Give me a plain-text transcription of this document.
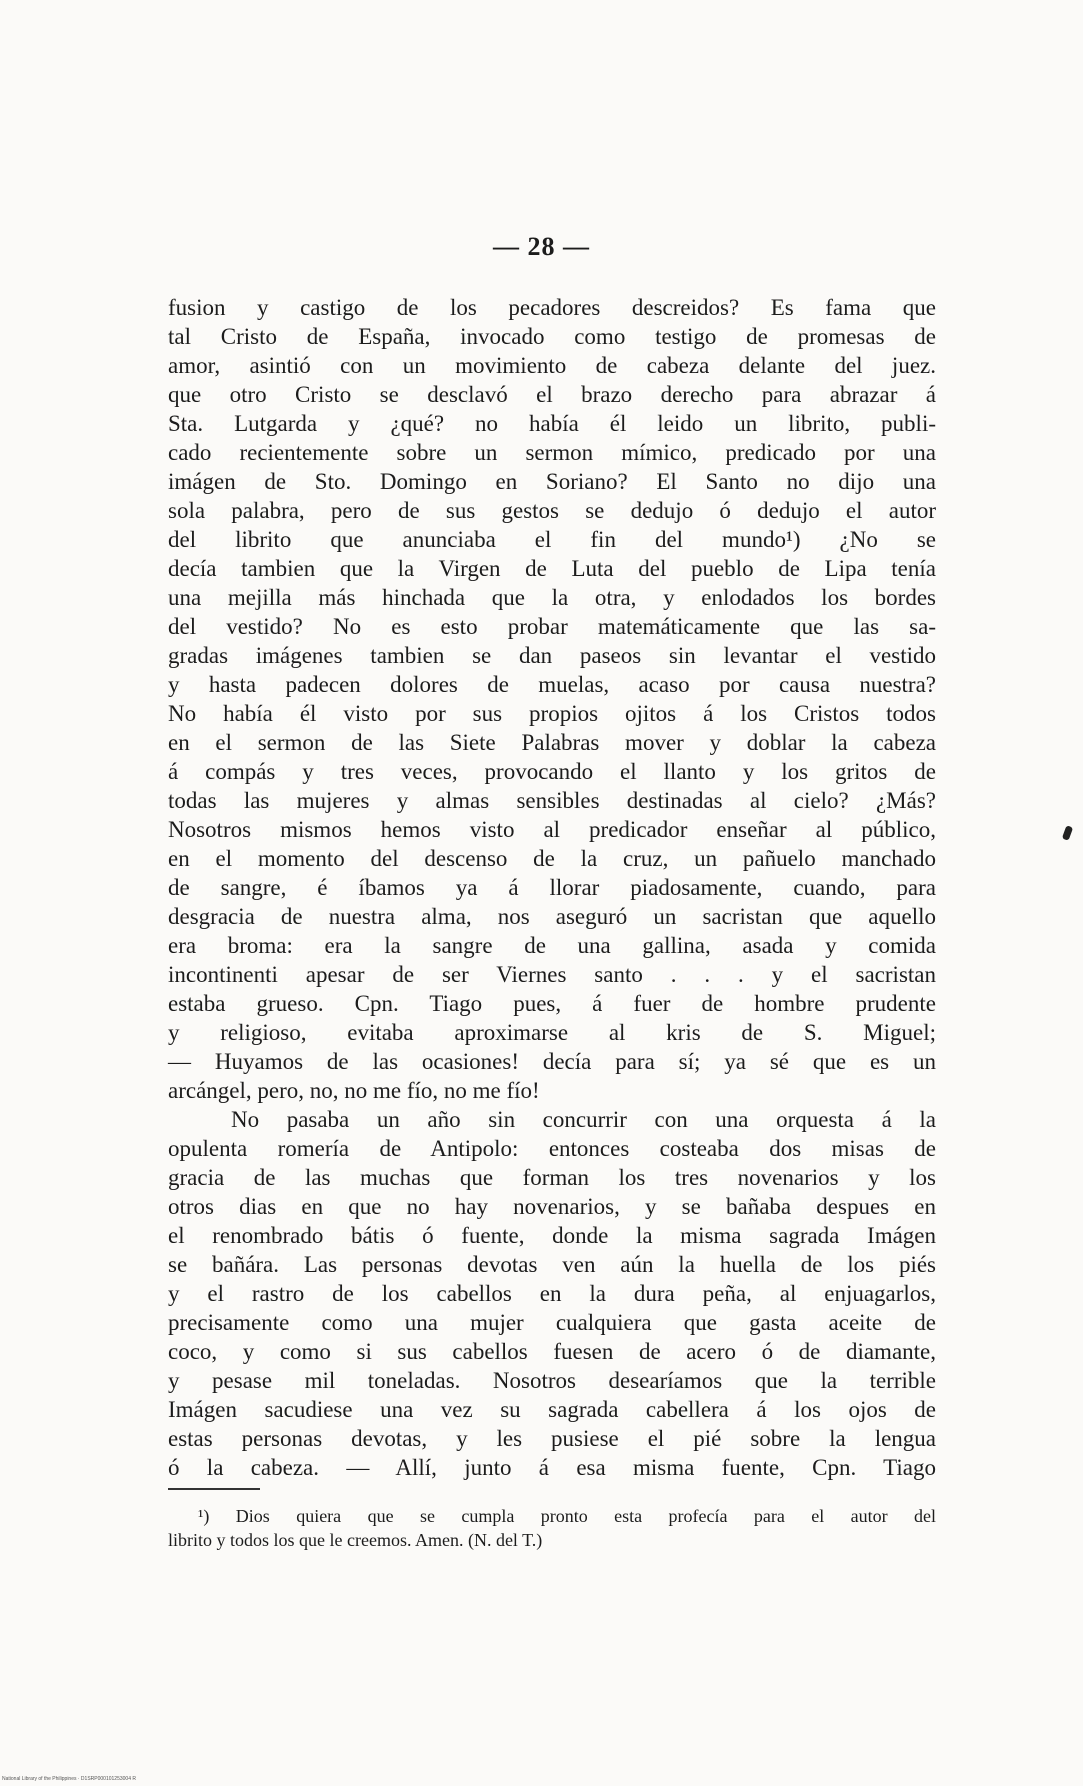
— 28 —
fusion y castigo de los pecadores descreidos? Es fama que
tal Cristo de España, invocado como testigo de promesas de
amor, asintió con un movimiento de cabeza delante del juez.
que otro Cristo se desclavó el brazo derecho para abrazar á
Sta. Lutgarda y ¿qué? no había él leido un librito, publi-
cado recientemente sobre un sermon mímico, predicado por una
imágen de Sto. Domingo en Soriano? El Santo no dijo una
sola palabra, pero de sus gestos se dedujo ó dedujo el autor
del librito que anunciaba el fin del mundo¹) ¿No se
decía tambien que la Virgen de Luta del pueblo de Lipa tenía
una mejilla más hinchada que la otra, y enlodados los bordes
del vestido? No es esto probar matemáticamente que las sa-
gradas imágenes tambien se dan paseos sin levantar el vestido
y hasta padecen dolores de muelas, acaso por causa nuestra?
No había él visto por sus propios ojitos á los Cristos todos
en el sermon de las Siete Palabras mover y doblar la cabeza
á compás y tres veces, provocando el llanto y los gritos de
todas las mujeres y almas sensibles destinadas al cielo? ¿Más?
Nosotros mismos hemos visto al predicador enseñar al público,
en el momento del descenso de la cruz, un pañuelo manchado
de sangre, é íbamos ya á llorar piadosamente, cuando, para
desgracia de nuestra alma, nos aseguró un sacristan que aquello
era broma: era la sangre de una gallina, asada y comida
incontinenti apesar de ser Viernes santo . . . y el sacristan
estaba grueso. Cpn. Tiago pues, á fuer de hombre prudente
y religioso, evitaba aproximarse al kris de S. Miguel;
— Huyamos de las ocasiones! decía para sí; ya sé que es un
arcángel, pero, no, no me fío, no me fío!
No pasaba un año sin concurrir con una orquesta á la
opulenta romería de Antipolo: entonces costeaba dos misas de
gracia de las muchas que forman los tres novenarios y los
otros dias en que no hay novenarios, y se bañaba despues en
el renombrado bátis ó fuente, donde la misma sagrada Imágen
se bañára. Las personas devotas ven aún la huella de los piés
y el rastro de los cabellos en la dura peña, al enjuagarlos,
precisamente como una mujer cualquiera que gasta aceite de
coco, y como si sus cabellos fuesen de acero ó de diamante,
y pesase mil toneladas. Nosotros desearíamos que la terrible
Imágen sacudiese una vez su sagrada cabellera á los ojos de
estas personas devotas, y les pusiese el pié sobre la lengua
ó la cabeza. — Allí, junto á esa misma fuente, Cpn. Tiago
¹) Dios quiera que se cumpla pronto esta profecía para el autor del
librito y todos los que le creemos. Amen. (N. del T.)
National Library of the Philippines · D1SRP000101253004 R
